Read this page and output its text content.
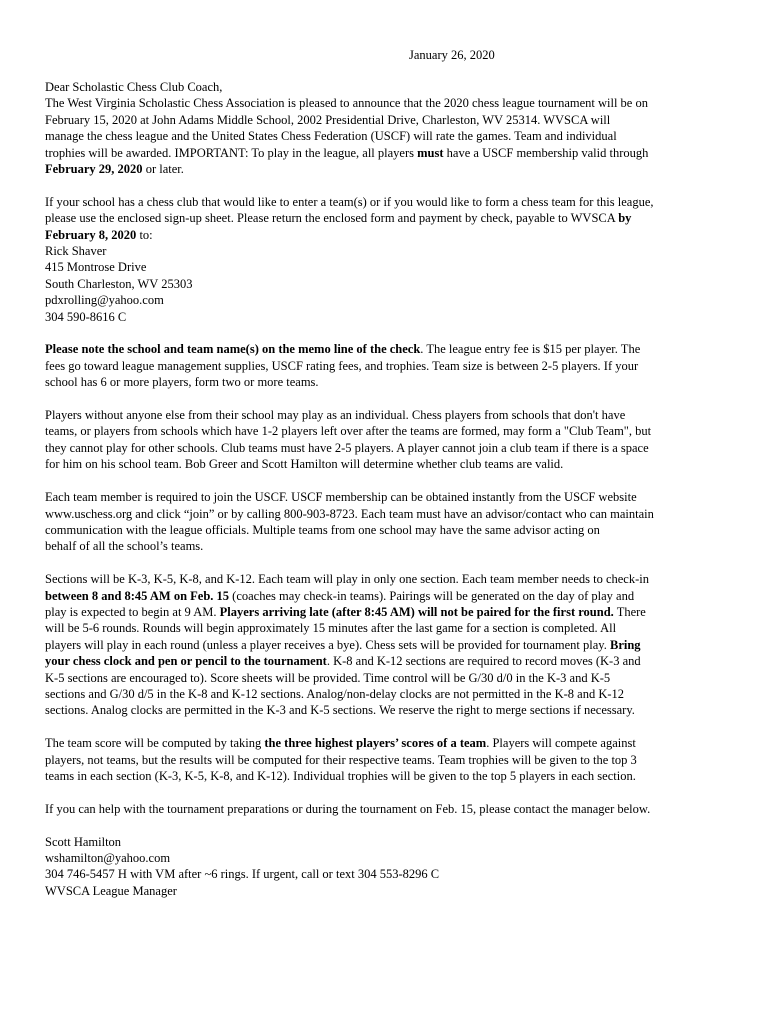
January 26, 2020
Dear Scholastic Chess Club Coach,

The West Virginia Scholastic Chess Association is pleased to announce that the 2020 chess league tournament will be on
February 15, 2020 at John Adams Middle School, 2002 Presidential Drive, Charleston, WV 25314. WVSCA will
manage the chess league and the United States Chess Federation (USCF) will rate the games. Team and individual
trophies will be awarded. IMPORTANT: To play in the league, all players must have a USCF membership valid through
February 29, 2020 or later.

If your school has a chess club that would like to enter a team(s) or if you would like to form a chess team for this league,
please use the enclosed sign-up sheet. Please return the enclosed form and payment by check, payable to WVSCA by
February 8, 2020 to:
Rick Shaver
415 Montrose Drive
South Charleston, WV 25303
pdxrolling@yahoo.com
304 590-8616 C

Please note the school and team name(s) on the memo line of the check. The league entry fee is $15 per player. The
fees go toward league management supplies, USCF rating fees, and trophies. Team size is between 2-5 players. If your
school has 6 or more players, form two or more teams.

Players without anyone else from their school may play as an individual. Chess players from schools that don't have
teams, or players from schools which have 1-2 players left over after the teams are formed, may form a "Club Team", but
they cannot play for other schools. Club teams must have 2-5 players. A player cannot join a club team if there is a space
for him on his school team. Bob Greer and Scott Hamilton will determine whether club teams are valid.

Each team member is required to join the USCF. USCF membership can be obtained instantly from the USCF website
www.uschess.org and click “join” or by calling 800-903-8723. Each team must have an advisor/contact who can maintain
communication with the league officials. Multiple teams from one school may have the same advisor acting on
behalf of all the school’s teams.

Sections will be K-3, K-5, K-8, and K-12. Each team will play in only one section. Each team member needs to check-in
between 8 and 8:45 AM on Feb. 15 (coaches may check-in teams). Pairings will be generated on the day of play and
play is expected to begin at 9 AM. Players arriving late (after 8:45 AM) will not be paired for the first round. There
will be 5-6 rounds. Rounds will begin approximately 15 minutes after the last game for a section is completed. All
players will play in each round (unless a player receives a bye). Chess sets will be provided for tournament play. Bring
your chess clock and pen or pencil to the tournament. K-8 and K-12 sections are required to record moves (K-3 and
K-5 sections are encouraged to). Score sheets will be provided. Time control will be G/30 d/0 in the K-3 and K-5
sections and G/30 d/5 in the K-8 and K-12 sections. Analog/non-delay clocks are not permitted in the K-8 and K-12
sections. Analog clocks are permitted in the K-3 and K-5 sections. We reserve the right to merge sections if necessary.

The team score will be computed by taking the three highest players’ scores of a team. Players will compete against
players, not teams, but the results will be computed for their respective teams. Team trophies will be given to the top 3
teams in each section (K-3, K-5, K-8, and K-12). Individual trophies will be given to the top 5 players in each section.

If you can help with the tournament preparations or during the tournament on Feb. 15, please contact the manager below.

Scott Hamilton
wshamilton@yahoo.com
304 746-5457 H with VM after ~6 rings. If urgent, call or text 304 553-8296 C
WVSCA League Manager
